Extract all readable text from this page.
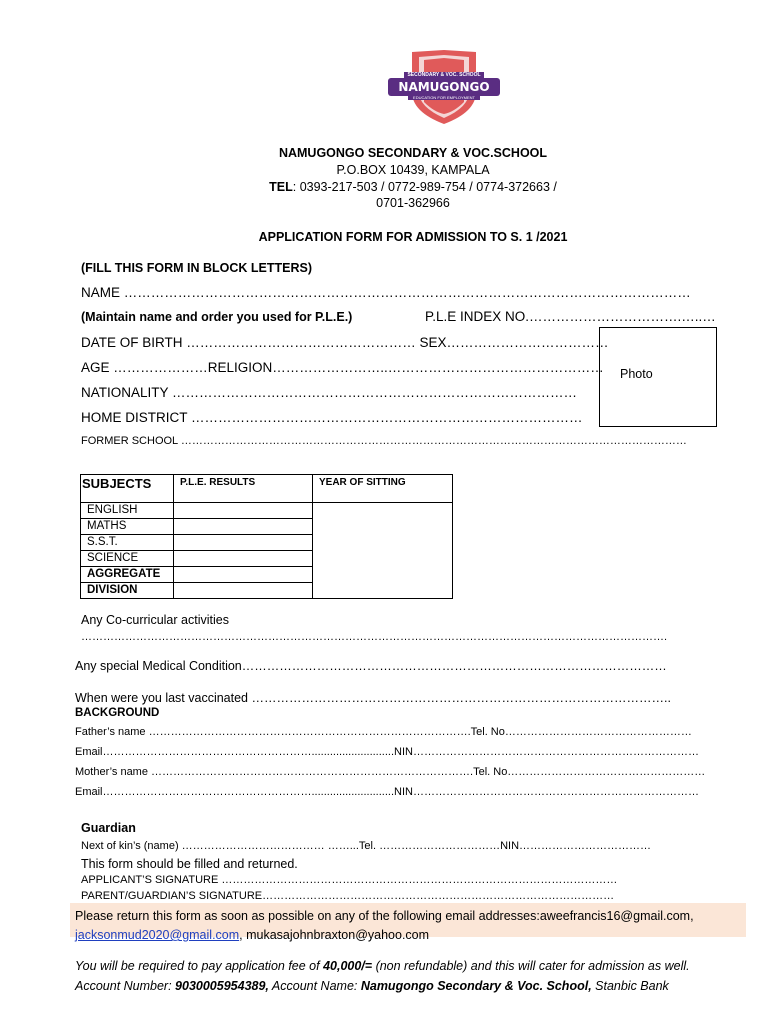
SECONDARY & VOC. SCHOOL
NAMUGONGO
EDUCATION FOR EMPLOYMENT
NAMUGONGO SECONDARY & VOC.SCHOOL
P.O.BOX 10439, KAMPALA
TEL: 0393-217-503 / 0772-989-754 / 0774-372663 /
0701-362966
APPLICATION FORM FOR ADMISSION TO S. 1 /2021
(FILL THIS FORM IN BLOCK LETTERS)
NAME ………………………………………………………………………………………………………………
(Maintain name and order you used for P.L.E.)	P.L.E INDEX NO.…………………………….…..…
DATE OF BIRTH …………………………………………… SEX………………………………
AGE …………………RELIGION……………………..…………………………………………
NATIONALITY ………………………………………………………………………………
HOME DISTRICT ……………………………………………………………………………
FORMER SCHOOL …………………………………………………………………………………………………………………………
Photo
SUBJECTS	P.L.E. RESULTS	YEAR OF SITTING
ENGLISH		
MATHS		
S.S.T.		
SCIENCE		
AGGREGATE		
DIVISION		
Any Co-curricular activities
…………………………………………………………………………………………………………………………………………….
Any special Medical Condition…………………………………………………………………………………………
When were you last vaccinated ………………………………………………………………………………………..
BACKGROUND
Father’s name …………………………………………………………………………….Tel. No……………………………………………
Email…………………………………………………...........................NIN……………………………………………………………………
Mother’s name …………………………………………………………………………….Tel. No………………………………………………
Email…………………………………………………...........................NIN……………………………………………………………………
Guardian
Next of kin’s (name) ………………………………… ……...Tel. ……………………………NIN………………………………
This form should be filled and returned.
APPLICANT’S SIGNATURE ………………………………………………………………………………………………
PARENT/GUARDIAN’S SIGNATURE……………………………………………………………………………………
Please return this form as soon as possible on any of the following email addresses:aweefrancis16@gmail.com,
jacksonmud2020@gmail.com, mukasajohnbraxton@yahoo.com
You will be required to pay application fee of 40,000/= (non refundable) and this will cater for admission as well.
Account Number: 9030005954389, Account Name: Namugongo Secondary & Voc. School, Stanbic Bank
